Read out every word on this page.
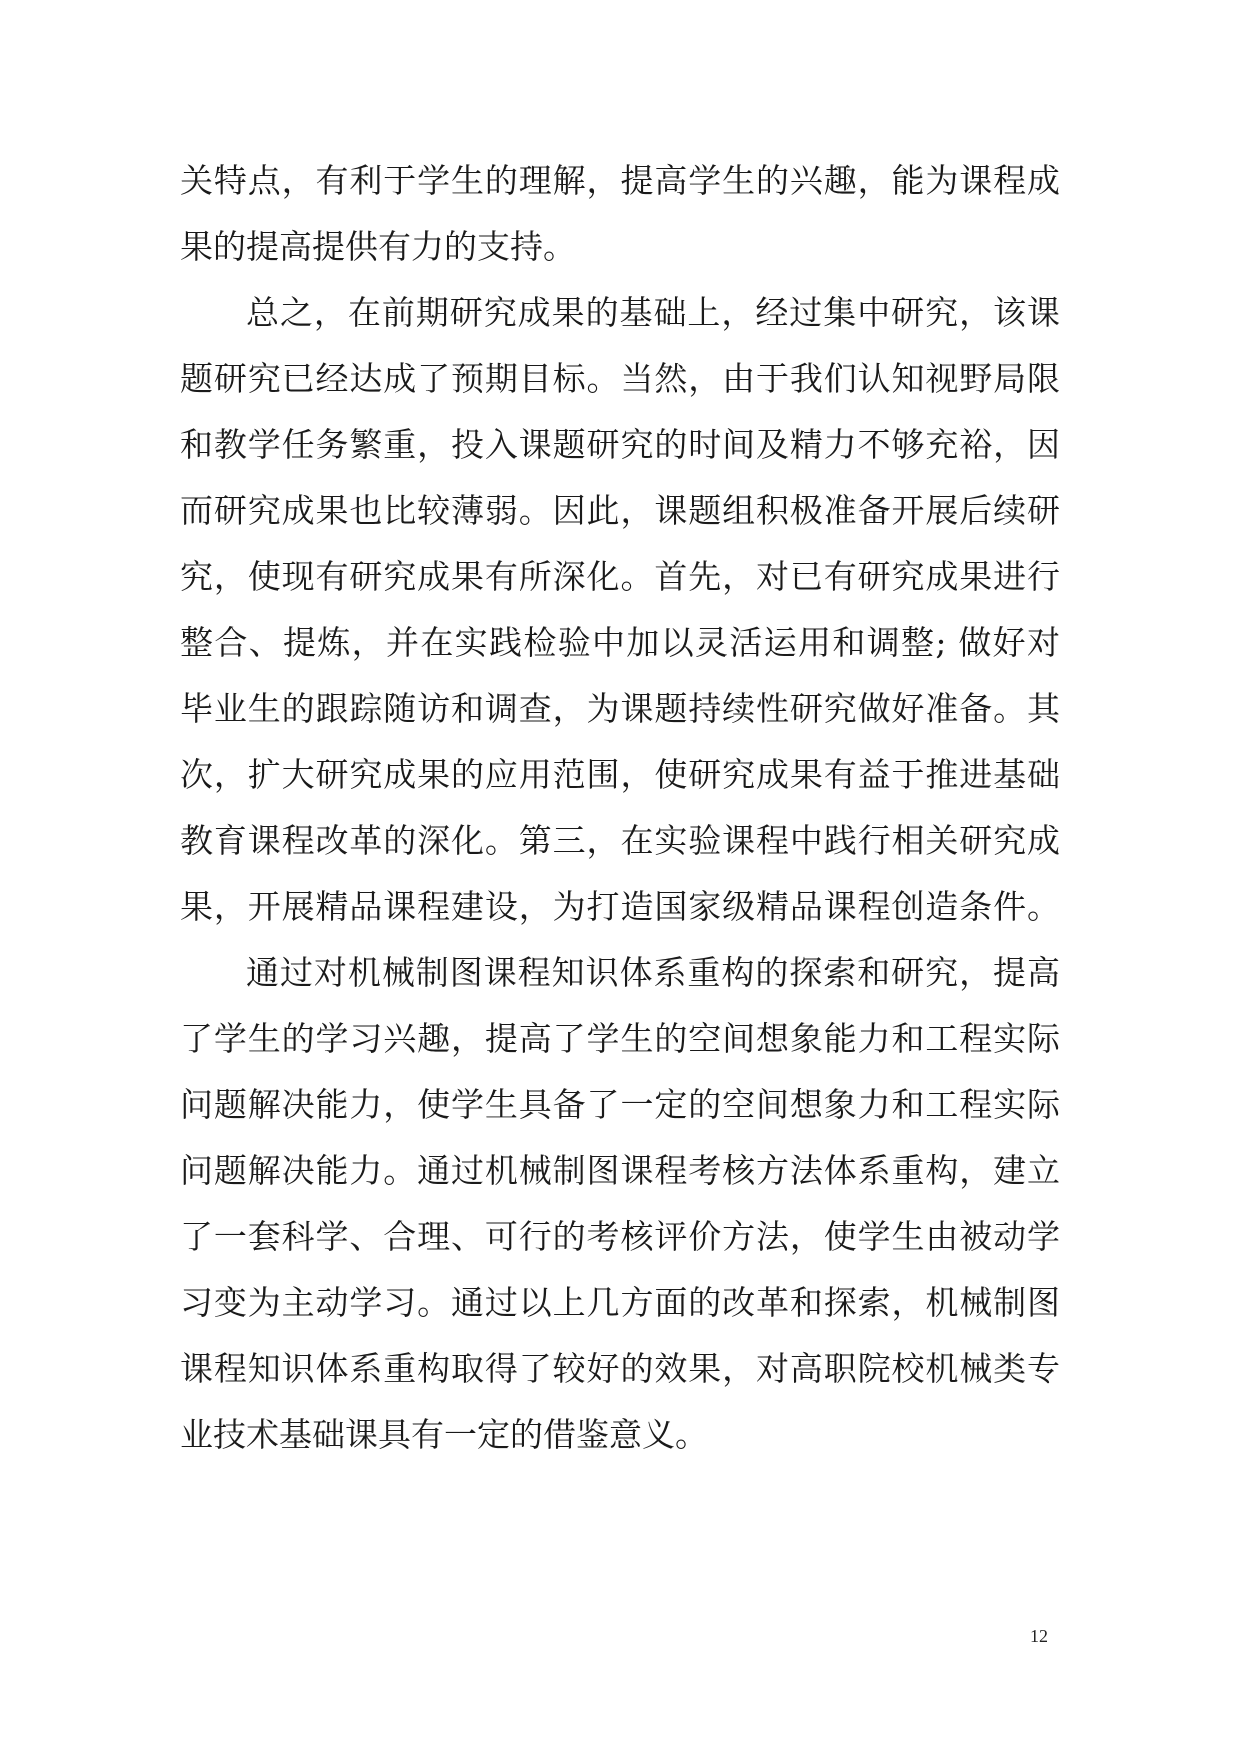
关特点，有利于学生的理解，提高学生的兴趣，能为课程成
果的提高提供有力的支持。
总之，在前期研究成果的基础上，经过集中研究，该课
题研究已经达成了预期目标。当然，由于我们认知视野局限
和教学任务繁重，投入课题研究的时间及精力不够充裕，因
而研究成果也比较薄弱。因此，课题组积极准备开展后续研
究，使现有研究成果有所深化。首先，对已有研究成果进行
整合、提炼，并在实践检验中加以灵活运用和调整; 做好对
毕业生的跟踪随访和调查，为课题持续性研究做好准备。其
次，扩大研究成果的应用范围，使研究成果有益于推进基础
教育课程改革的深化。第三，在实验课程中践行相关研究成
果，开展精品课程建设，为打造国家级精品课程创造条件。
通过对机械制图课程知识体系重构的探索和研究，提高
了学生的学习兴趣，提高了学生的空间想象能力和工程实际
问题解决能力，使学生具备了一定的空间想象力和工程实际
问题解决能力。通过机械制图课程考核方法体系重构，建立
了一套科学、合理、可行的考核评价方法，使学生由被动学
习变为主动学习。通过以上几方面的改革和探索，机械制图
课程知识体系重构取得了较好的效果，对高职院校机械类专
业技术基础课具有一定的借鉴意义。
12
